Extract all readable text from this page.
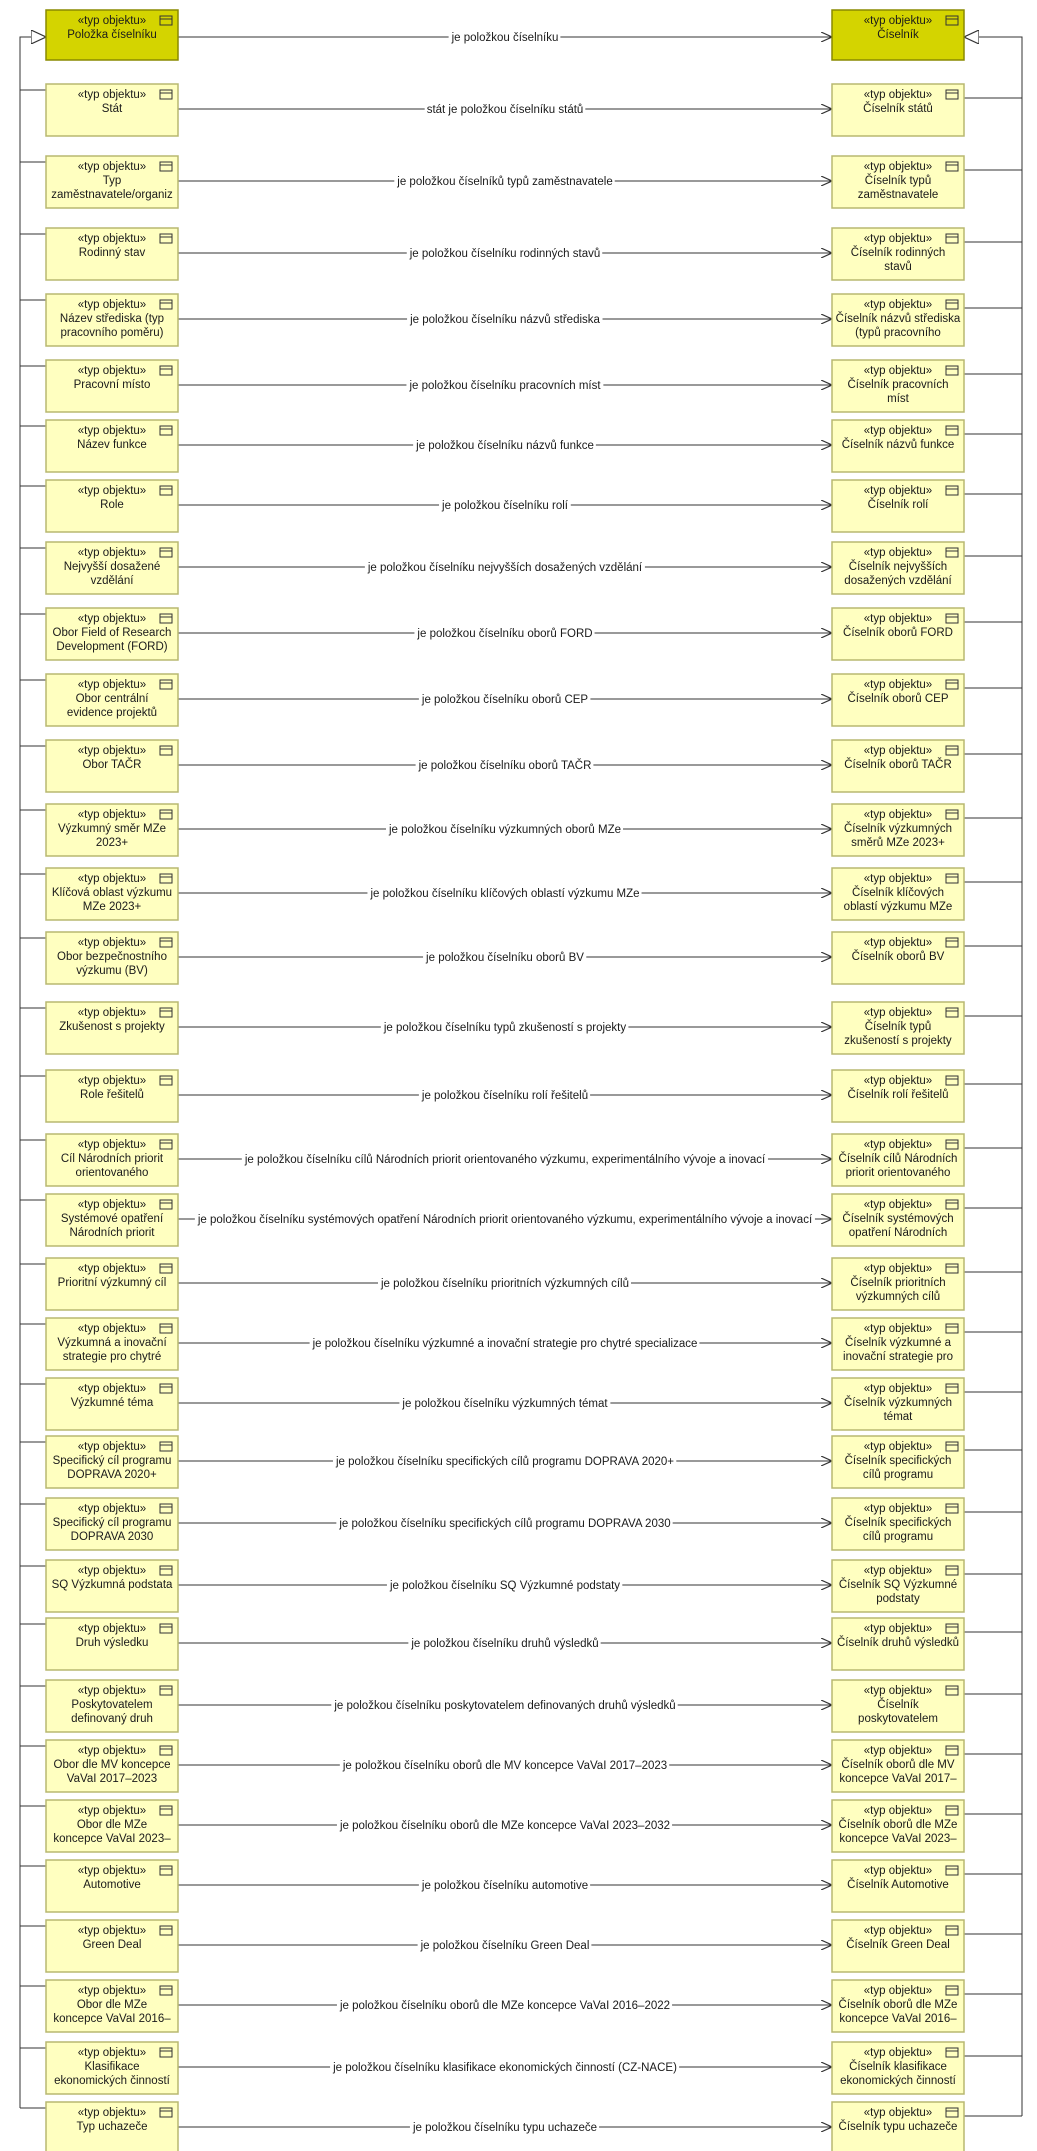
je položkou číselníku
stát je položkou číselníku států
je položkou číselníků typů zaměstnavatele
je položkou číselníku rodinných stavů
je položkou číselníku názvů střediska
je položkou číselníku pracovních míst
je položkou číselníku názvů funkce
je položkou číselníku rolí
je položkou číselníku nejvyšších dosažených vzdělání
je položkou číselníku oborů FORD
je položkou číselníku oborů CEP
je položkou číselníku oborů TAČR
je položkou číselníku výzkumných oborů MZe
je položkou číselníku klíčových oblastí výzkumu MZe
je položkou číselníku oborů BV
je položkou číselníku typů zkušeností s projekty
je položkou číselníku rolí řešitelů
je položkou číselníku cílů Národních priorit orientovaného výzkumu, experimentálního vývoje a inovací
je položkou číselníku systémových opatření Národních priorit orientovaného výzkumu, experimentálního vývoje a inovací
je položkou číselníku prioritních výzkumných cílů
je položkou číselníku výzkumné a inovační strategie pro chytré specializace
je položkou číselníku výzkumných témat
je položkou číselníku specifických cílů programu DOPRAVA 2020+
je položkou číselníku specifických cílů programu DOPRAVA 2030
je položkou číselníku SQ Výzkumné podstaty
je položkou číselníku druhů výsledků
je položkou číselníku poskytovatelem definovaných druhů výsledků
je položkou číselníku oborů dle MV koncepce VaVaI 2017–2023
je položkou číselníku oborů dle MZe koncepce VaVaI 2023–2032
je položkou číselníku automotive
je položkou číselníku Green Deal
je položkou číselníku oborů dle MZe koncepce VaVaI 2016–2022
je položkou číselníku klasifikace ekonomických činností (CZ-NACE)
je položkou číselníku typu uchazeče
«typ objektu»
Položka číselníku
«typ objektu»
Číselník
«typ objektu»
Stát
«typ objektu»
Číselník států
«typ objektu»
Typ
zaměstnavatele/organiz
«typ objektu»
Číselník typů
zaměstnavatele
«typ objektu»
Rodinný stav
«typ objektu»
Číselník rodinných
stavů
«typ objektu»
Název střediska (typ
pracovního poměru)
«typ objektu»
Číselník názvů střediska
(typů pracovního
«typ objektu»
Pracovní místo
«typ objektu»
Číselník pracovních
míst
«typ objektu»
Název funkce
«typ objektu»
Číselník názvů funkce
«typ objektu»
Role
«typ objektu»
Číselník rolí
«typ objektu»
Nejvyšší dosažené
vzdělání
«typ objektu»
Číselník nejvyšších
dosažených vzdělání
«typ objektu»
Obor Field of Research
Development (FORD)
«typ objektu»
Číselník oborů FORD
«typ objektu»
Obor centrální
evidence projektů
«typ objektu»
Číselník oborů CEP
«typ objektu»
Obor TAČR
«typ objektu»
Číselník oborů TAČR
«typ objektu»
Výzkumný směr MZe
2023+
«typ objektu»
Číselník výzkumných
směrů MZe 2023+
«typ objektu»
Klíčová oblast výzkumu
MZe 2023+
«typ objektu»
Číselník klíčových
oblastí výzkumu MZe
«typ objektu»
Obor bezpečnostního
výzkumu (BV)
«typ objektu»
Číselník oborů BV
«typ objektu»
Zkušenost s projekty
«typ objektu»
Číselník typů
zkušeností s projekty
«typ objektu»
Role řešitelů
«typ objektu»
Číselník rolí řešitelů
«typ objektu»
Cíl Národních priorit
orientovaného
«typ objektu»
Číselník cílů Národních
priorit orientovaného
«typ objektu»
Systémové opatření
Národních priorit
«typ objektu»
Číselník systémových
opatření Národních
«typ objektu»
Prioritní výzkumný cíl
«typ objektu»
Číselník prioritních
výzkumných cílů
«typ objektu»
Výzkumná a inovační
strategie pro chytré
«typ objektu»
Číselník výzkumné a
inovační strategie pro
«typ objektu»
Výzkumné téma
«typ objektu»
Číselník výzkumných
témat
«typ objektu»
Specifický cíl programu
DOPRAVA 2020+
«typ objektu»
Číselník specifických
cílů programu
«typ objektu»
Specifický cíl programu
DOPRAVA 2030
«typ objektu»
Číselník specifických
cílů programu
«typ objektu»
SQ Výzkumná podstata
«typ objektu»
Číselník SQ Výzkumné
podstaty
«typ objektu»
Druh výsledku
«typ objektu»
Číselník druhů výsledků
«typ objektu»
Poskytovatelem
definovaný druh
«typ objektu»
Číselník
poskytovatelem
«typ objektu»
Obor dle MV koncepce
VaVaI 2017–2023
«typ objektu»
Číselník oborů dle MV
koncepce VaVaI 2017–
«typ objektu»
Obor dle MZe
koncepce VaVaI 2023–
«typ objektu»
Číselník oborů dle MZe
koncepce VaVaI 2023–
«typ objektu»
Automotive
«typ objektu»
Číselník Automotive
«typ objektu»
Green Deal
«typ objektu»
Číselník Green Deal
«typ objektu»
Obor dle MZe
koncepce VaVaI 2016–
«typ objektu»
Číselník oborů dle MZe
koncepce VaVaI 2016–
«typ objektu»
Klasifikace
ekonomických činností
«typ objektu»
Číselník klasifikace
ekonomických činností
«typ objektu»
Typ uchazeče
«typ objektu»
Číselník typu uchazeče
